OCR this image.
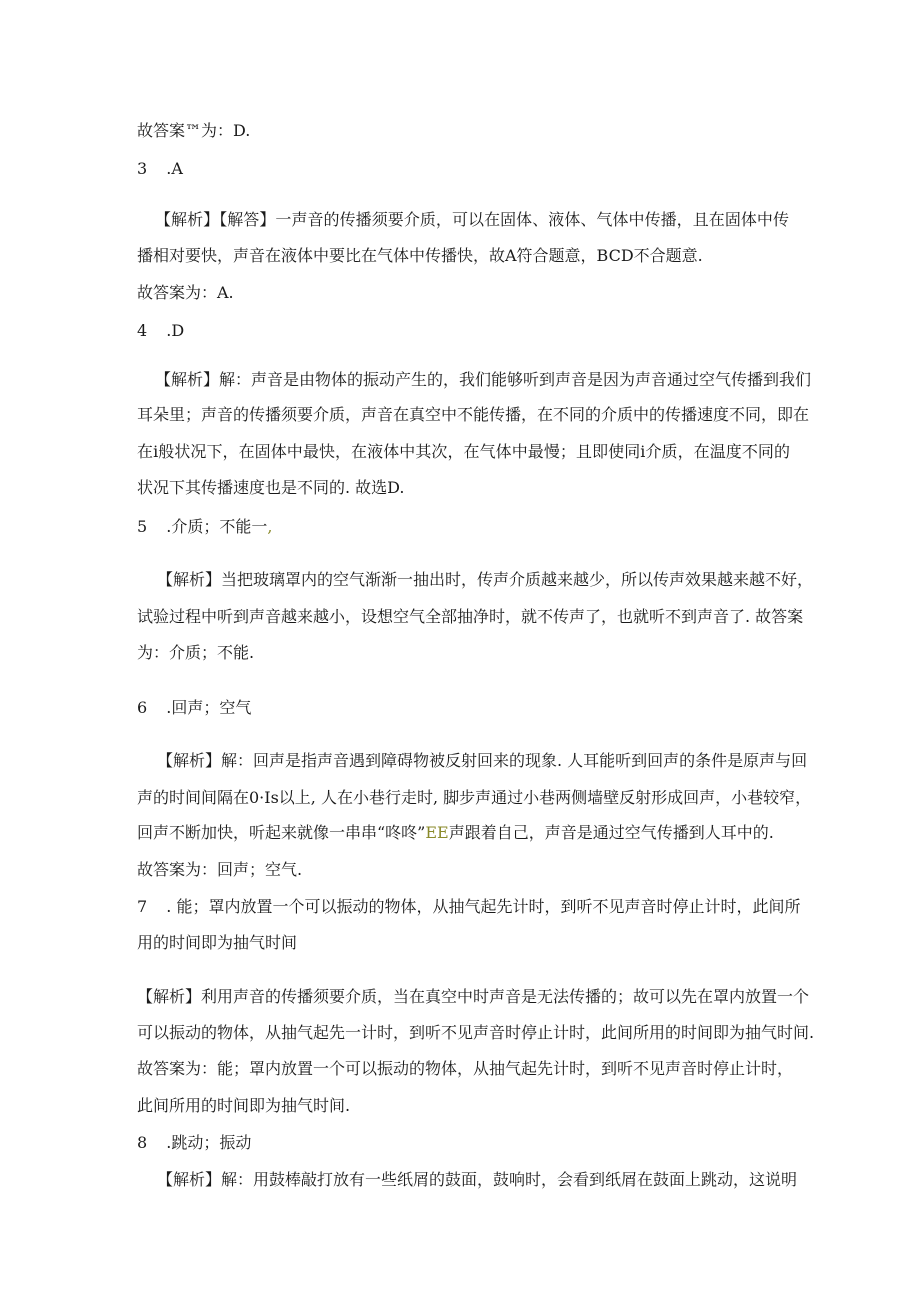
故答案™为：D.
3 .A
【解析】【解答】一声音的传播须要介质，可以在固体、液体、气体中传播，且在固体中传
播相对要快，声音在液体中要比在气体中传播快，故A符合题意，BCD不合题意.
故答案为：A.
4 .D
【解析】解：声音是由物体的振动产生的，我们能够听到声音是因为声音通过空气传播到我们
耳朵里；声音的传播须要介质，声音在真空中不能传播，在不同的介质中的传播速度不同，即在
在i般状况下，在固体中最快，在液体中其次，在气体中最慢；且即使同i介质，在温度不同的
状况下其传播速度也是不同的. 故选D.
5 .介质；不能一,
【解析】当把玻璃罩内的空气渐渐一抽出时，传声介质越来越少，所以传声效果越来越不好，
试验过程中听到声音越来越小，设想空气全部抽净时，就不传声了，也就听不到声音了. 故答案
为：介质；不能.
6 .回声；空气
【解析】解：回声是指声音遇到障碍物被反射回来的现象. 人耳能听到回声的条件是原声与回
声的时间间隔在0·Is以上, 人在小巷行走时, 脚步声通过小巷两侧墙壁反射形成回声，小巷较窄，
回声不断加快，听起来就像一串串“咚咚”EE声跟着自己，声音是通过空气传播到人耳中的.
故答案为：回声；空气.
7 . 能；罩内放置一个可以振动的物体，从抽气起先计时，到听不见声音时停止计时，此间所
用的时间即为抽气时间
【解析】利用声音的传播须要介质，当在真空中时声音是无法传播的；故可以先在罩内放置一个
可以振动的物体，从抽气起先一计时，到听不见声音时停止计时，此间所用的时间即为抽气时间.
故答案为：能；罩内放置一个可以振动的物体，从抽气起先计时，到听不见声音时停止计时，
此间所用的时间即为抽气时间.
8 .跳动；振动
【解析】解：用鼓棒敲打放有一些纸屑的鼓面，鼓响时，会看到纸屑在鼓面上跳动，这说明
